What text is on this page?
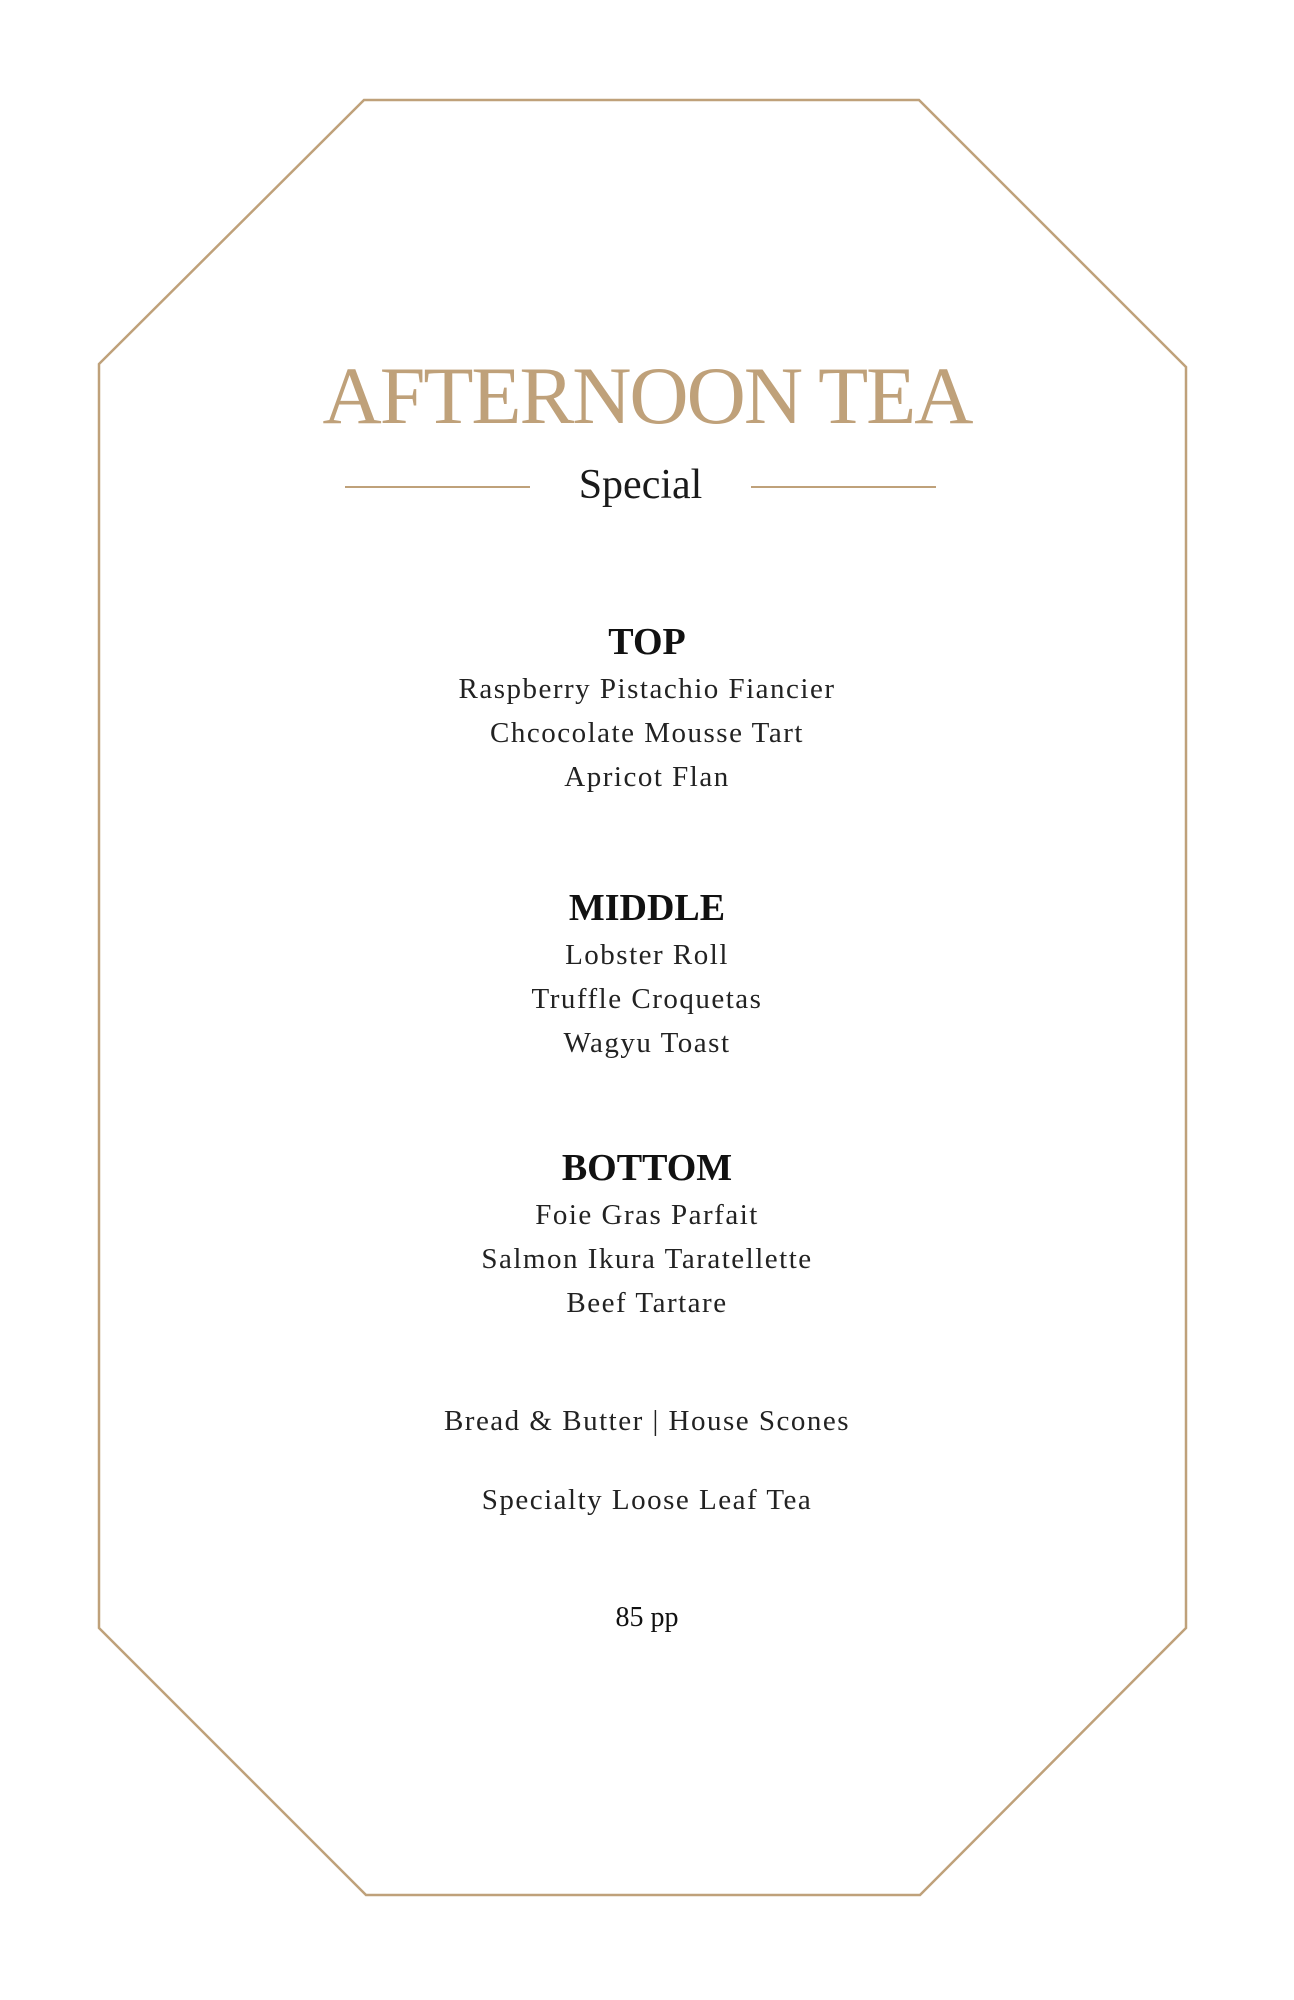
AFTERNOON TEA
Special
TOP
Raspberry Pistachio Fiancier
Chcocolate Mousse Tart
Apricot Flan
MIDDLE
Lobster Roll
Truffle Croquetas
Wagyu Toast
BOTTOM
Foie Gras Parfait
Salmon Ikura Taratellette
Beef Tartare
Bread & Butter | House Scones
Specialty Loose Leaf Tea
85 pp
